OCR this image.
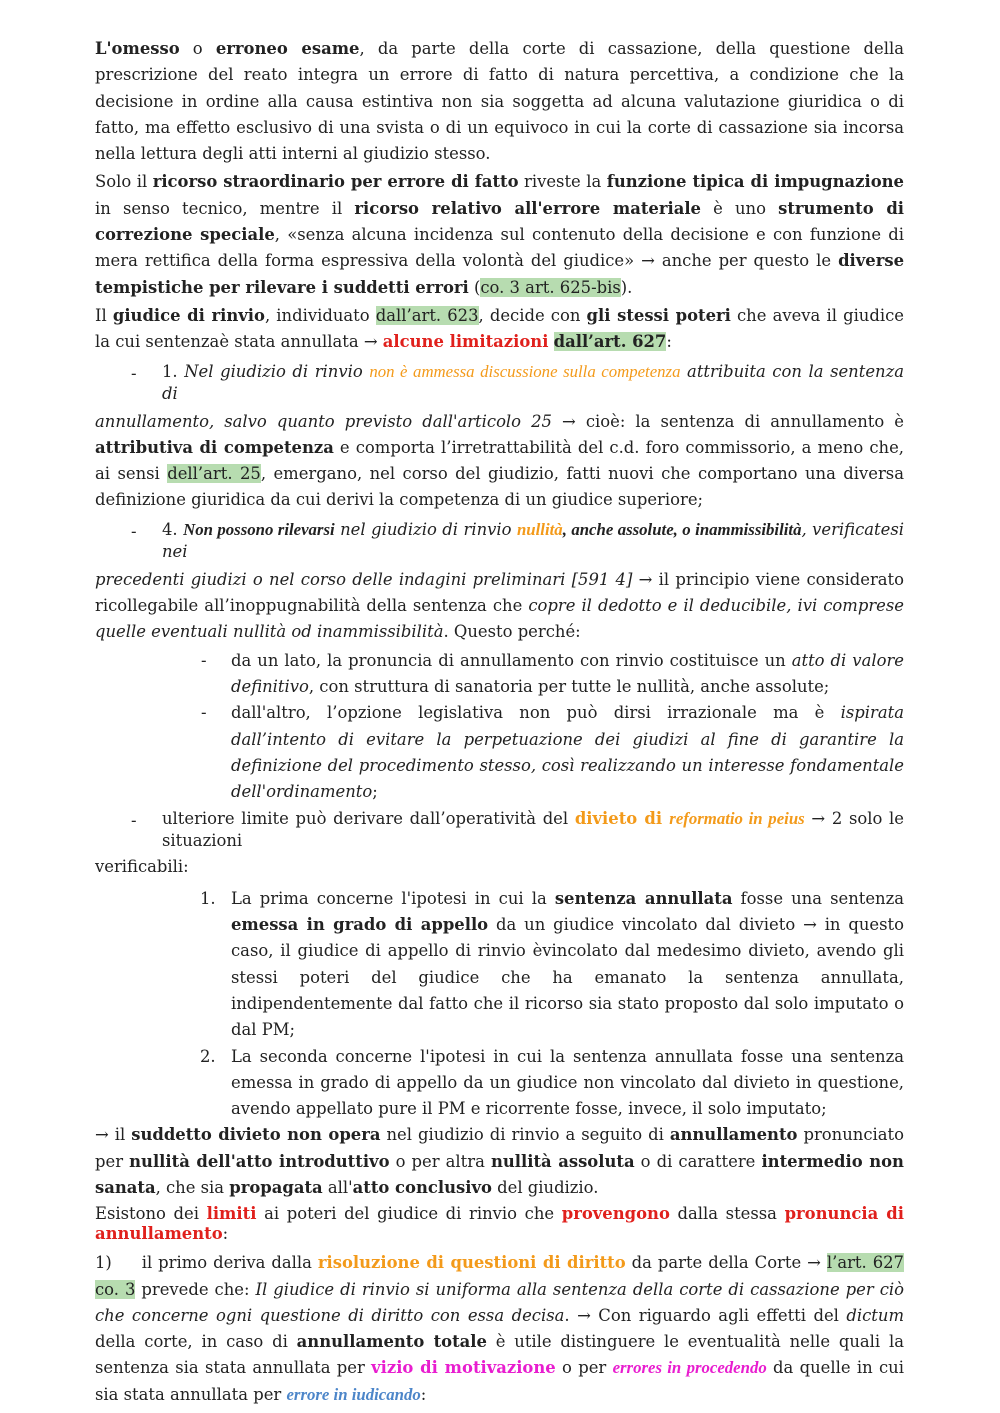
L'omesso o erroneo esame, da parte della corte di cassazione, della questione della prescrizione del reato integra un errore di fatto di natura percettiva, a condizione che la decisione in ordine alla causa estintiva non sia soggetta ad alcuna valutazione giuridica o di fatto, ma effetto esclusivo di una svista o di un equivoco in cui la corte di cassazione sia incorsa nella lettura degli atti interni al giudizio stesso.

Solo il ricorso straordinario per errore di fatto riveste la funzione tipica di impugnazione in senso tecnico, mentre il ricorso relativo all'errore materiale è uno strumento di correzione speciale, «senza alcuna incidenza sul contenuto della decisione e con funzione di mera rettifica della forma espressiva della volontà del giudice» → anche per questo le diverse tempistiche per rilevare i suddetti errori (co. 3 art. 625-bis).

Il giudice di rinvio, individuato dall’art. 623, decide con gli stessi poteri che aveva il giudice la cui sentenzaè stata annullata → alcune limitazioni dall’art. 627:

- 1. Nel giudizio di rinvio non è ammessa discussione sulla competenza attribuita con la sentenza di

annullamento, salvo quanto previsto dall'articolo 25 → cioè: la sentenza di annullamento è attributiva di competenza e comporta l’irretrattabilità del c.d. foro commissorio, a meno che, ai sensi dell’art. 25, emergano, nel corso del giudizio, fatti nuovi che comportano una diversa definizione giuridica da cui derivi la competenza di un giudice superiore;

- 4. Non possono rilevarsi nel giudizio di rinvio nullità, anche assolute, o inammissibilità, verificatesi nei

precedenti giudizi o nel corso delle indagini preliminari [591 4] → il principio viene considerato ricollegabile all’inoppugnabilità della sentenza che copre il dedotto e il deducibile, ivi comprese quelle eventuali nullità od inammissibilità. Questo perché:

- da un lato, la pronuncia di annullamento con rinvio costituisce un atto di valore definitivo, con struttura di sanatoria per tutte le nullità, anche assolute;

- dall'altro, l’opzione legislativa non può dirsi irrazionale ma è ispirata dall’intento di evitare la perpetuazione dei giudizi al fine di garantire la definizione del procedimento stesso, così realizzando un interesse fondamentale dell'ordinamento;

- ulteriore limite può derivare dall’operatività del divieto di reformatio in peius → 2 solo le situazioni

verificabili:

1. La prima concerne l'ipotesi in cui la sentenza annullata fosse una sentenza emessa in grado di appello da un giudice vincolato dal divieto → in questo caso, il giudice di appello di rinvio èvincolato dal medesimo divieto, avendo gli stessi poteri del giudice che ha emanato la sentenza annullata, indipendentemente dal fatto che il ricorso sia stato proposto dal solo imputato o dal PM;

2. La seconda concerne l'ipotesi in cui la sentenza annullata fosse una sentenza emessa in grado di appello da un giudice non vincolato dal divieto in questione, avendo appellato pure il PM e ricorrente fosse, invece, il solo imputato;

→ il suddetto divieto non opera nel giudizio di rinvio a seguito di annullamento pronunciato per nullità dell'atto introduttivo o per altra nullità assoluta o di carattere intermedio non sanata, che sia propagata all'atto conclusivo del giudizio.

Esistono dei limiti ai poteri del giudice di rinvio che provengono dalla stessa pronuncia di annullamento:

1) il primo deriva dalla risoluzione di questioni di diritto da parte della Corte → l’art. 627 co. 3 prevede che: Il giudice di rinvio si uniforma alla sentenza della corte di cassazione per ciò che concerne ogni questione di diritto con essa decisa. → Con riguardo agli effetti del dictum della corte, in caso di annullamento totale è utile distinguere le eventualità nelle quali la sentenza sia stata annullata per vizio di motivazione o per errores in procedendo da quelle in cui sia stata annullata per errore in iudicando:
